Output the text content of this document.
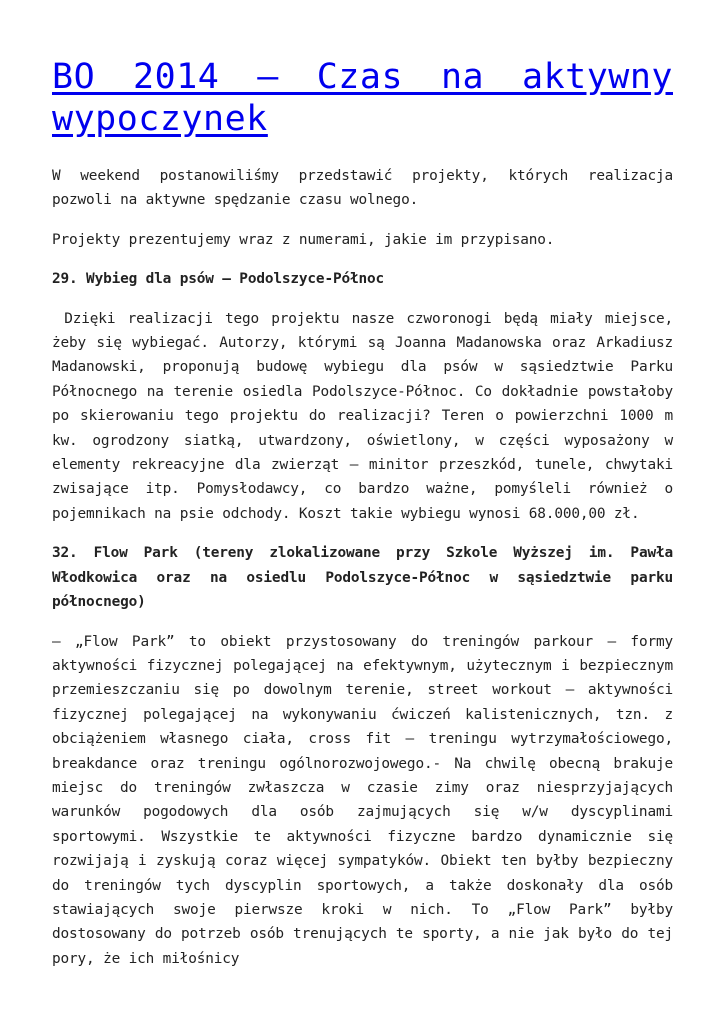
BO 2014 – Czas na aktywny wypoczynek

W weekend postanowiliśmy przedstawić projekty, których realizacja pozwoli na aktywne spędzanie czasu wolnego.

Projekty prezentujemy wraz z numerami, jakie im przypisano.

29. Wybieg dla psów – Podolszyce-Północ

Dzięki realizacji tego projektu nasze czworonogi będą miały miejsce, żeby się wybiegać. Autorzy, którymi są Joanna Madanowska oraz Arkadiusz Madanowski, proponują budowę wybiegu dla psów w sąsiedztwie Parku Północnego na terenie osiedla Podolszyce-Północ. Co dokładnie powstałoby po skierowaniu tego projektu do realizacji? Teren o powierzchni 1000 m kw. ogrodzony siatką, utwardzony, oświetlony, w części wyposażony w elementy rekreacyjne dla zwierząt – minitor przeszkód, tunele, chwytaki zwisające itp. Pomysłodawcy, co bardzo ważne, pomyśleli również o pojemnikach na psie odchody. Koszt takie wybiegu wynosi 68.000,00 zł.

32. Flow Park (tereny zlokalizowane przy Szkole Wyższej im. Pawła Włodkowica oraz na osiedlu Podolszyce-Północ w sąsiedztwie parku północnego)

– „Flow Park” to obiekt przystosowany do treningów parkour – formy aktywności fizycznej polegającej na efektywnym, użytecznym i bezpiecznym przemieszczaniu się po dowolnym terenie, street workout – aktywności fizycznej polegającej na wykonywaniu ćwiczeń kalistenicznych, tzn. z obciążeniem własnego ciała, cross fit – treningu wytrzymałościowego, breakdance oraz treningu ogólnorozwojowego.- Na chwilę obecną brakuje miejsc do treningów zwłaszcza w czasie zimy oraz niesprzyjających warunków pogodowych dla osób zajmujących się w/w dyscyplinami sportowymi. Wszystkie te aktywności fizyczne bardzo dynamicznie się rozwijają i zyskują coraz więcej sympatyków. Obiekt ten byłby bezpieczny do treningów tych dyscyplin sportowych, a także doskonały dla osób stawiających swoje pierwsze kroki w nich. To „Flow Park” byłby dostosowany do potrzeb osób trenujących te sporty, a nie jak było do tej pory, że ich miłośnicy
